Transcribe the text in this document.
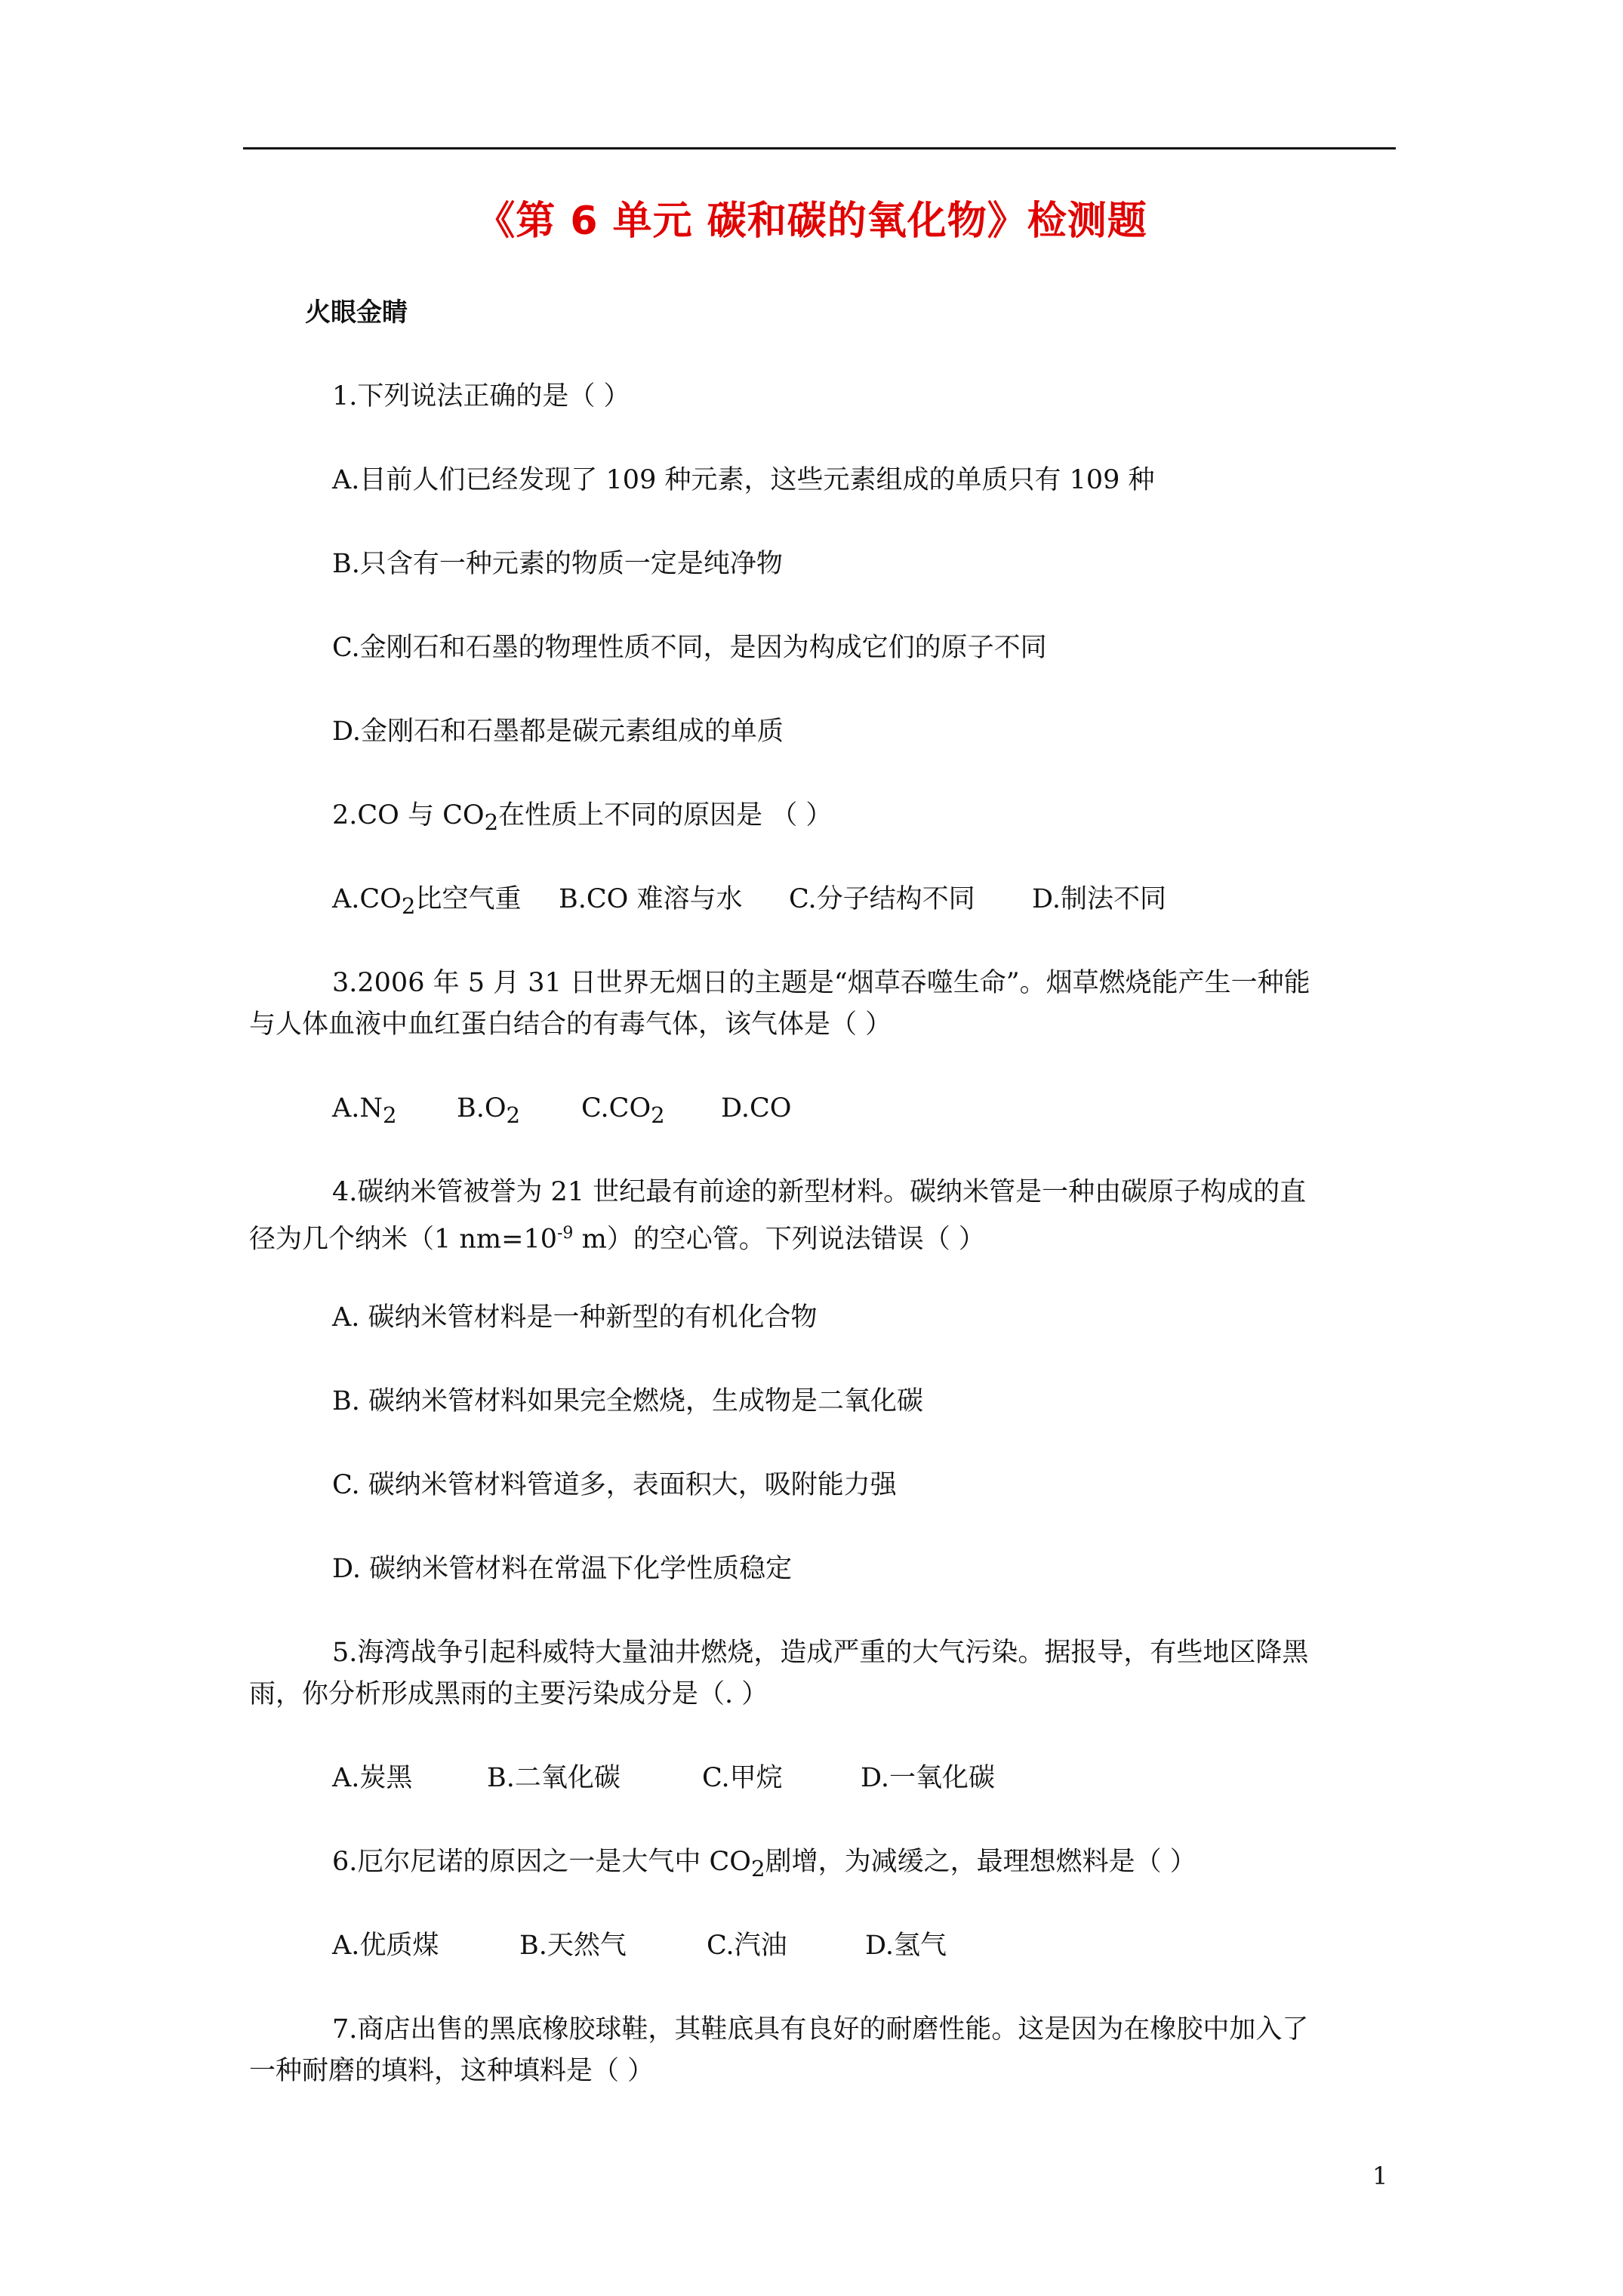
《第 6 单元 碳和碳的氧化物》检测题
火眼金睛
1.下列说法正确的是（ ）
A.目前人们已经发现了 109 种元素，这些元素组成的单质只有 109 种
B.只含有一种元素的物质一定是纯净物
C.金刚石和石墨的物理性质不同，是因为构成它们的原子不同
D.金刚石和石墨都是碳元素组成的单质
2.CO 与 $CO_2$在性质上不同的原因是 （ ）
$A.CO_2$比空气重 B.CO 难溶与水 C.分子结构不同 D.制法不同
3.2006 年 5 月 31 日世界无烟日的主题是“烟草吞噬生命”。烟草燃烧能产生一种能
与人体血液中血红蛋白结合的有毒气体，该气体是（ ）
$A.N_2$ $B.O_2$ $C.CO_2$ D.CO
4.碳纳米管被誉为 21 世纪最有前途的新型材料。碳纳米管是一种由碳原子构成的直
径为几个纳米（1 $nm=10^{-9}$ m）的空心管。下列说法错误（ ）
A. 碳纳米管材料是一种新型的有机化合物
B. 碳纳米管材料如果完全燃烧，生成物是二氧化碳
C. 碳纳米管材料管道多，表面积大，吸附能力强
D. 碳纳米管材料在常温下化学性质稳定
5.海湾战争引起科威特大量油井燃烧，造成严重的大气污染。据报导，有些地区降黑
雨，你分析形成黑雨的主要污染成分是（. ）
A.炭黑	B.二氧化碳	C.甲烷	D.一氧化碳
6.厄尔尼诺的原因之一是大气中 $CO_2$剧增，为减缓之，最理想燃料是（ ）
A.优质煤	B.天然气	C.汽油	D.氢气
7.商店出售的黑底橡胶球鞋，其鞋底具有良好的耐磨性能。这是因为在橡胶中加入了
一种耐磨的填料，这种填料是（ ）
1
